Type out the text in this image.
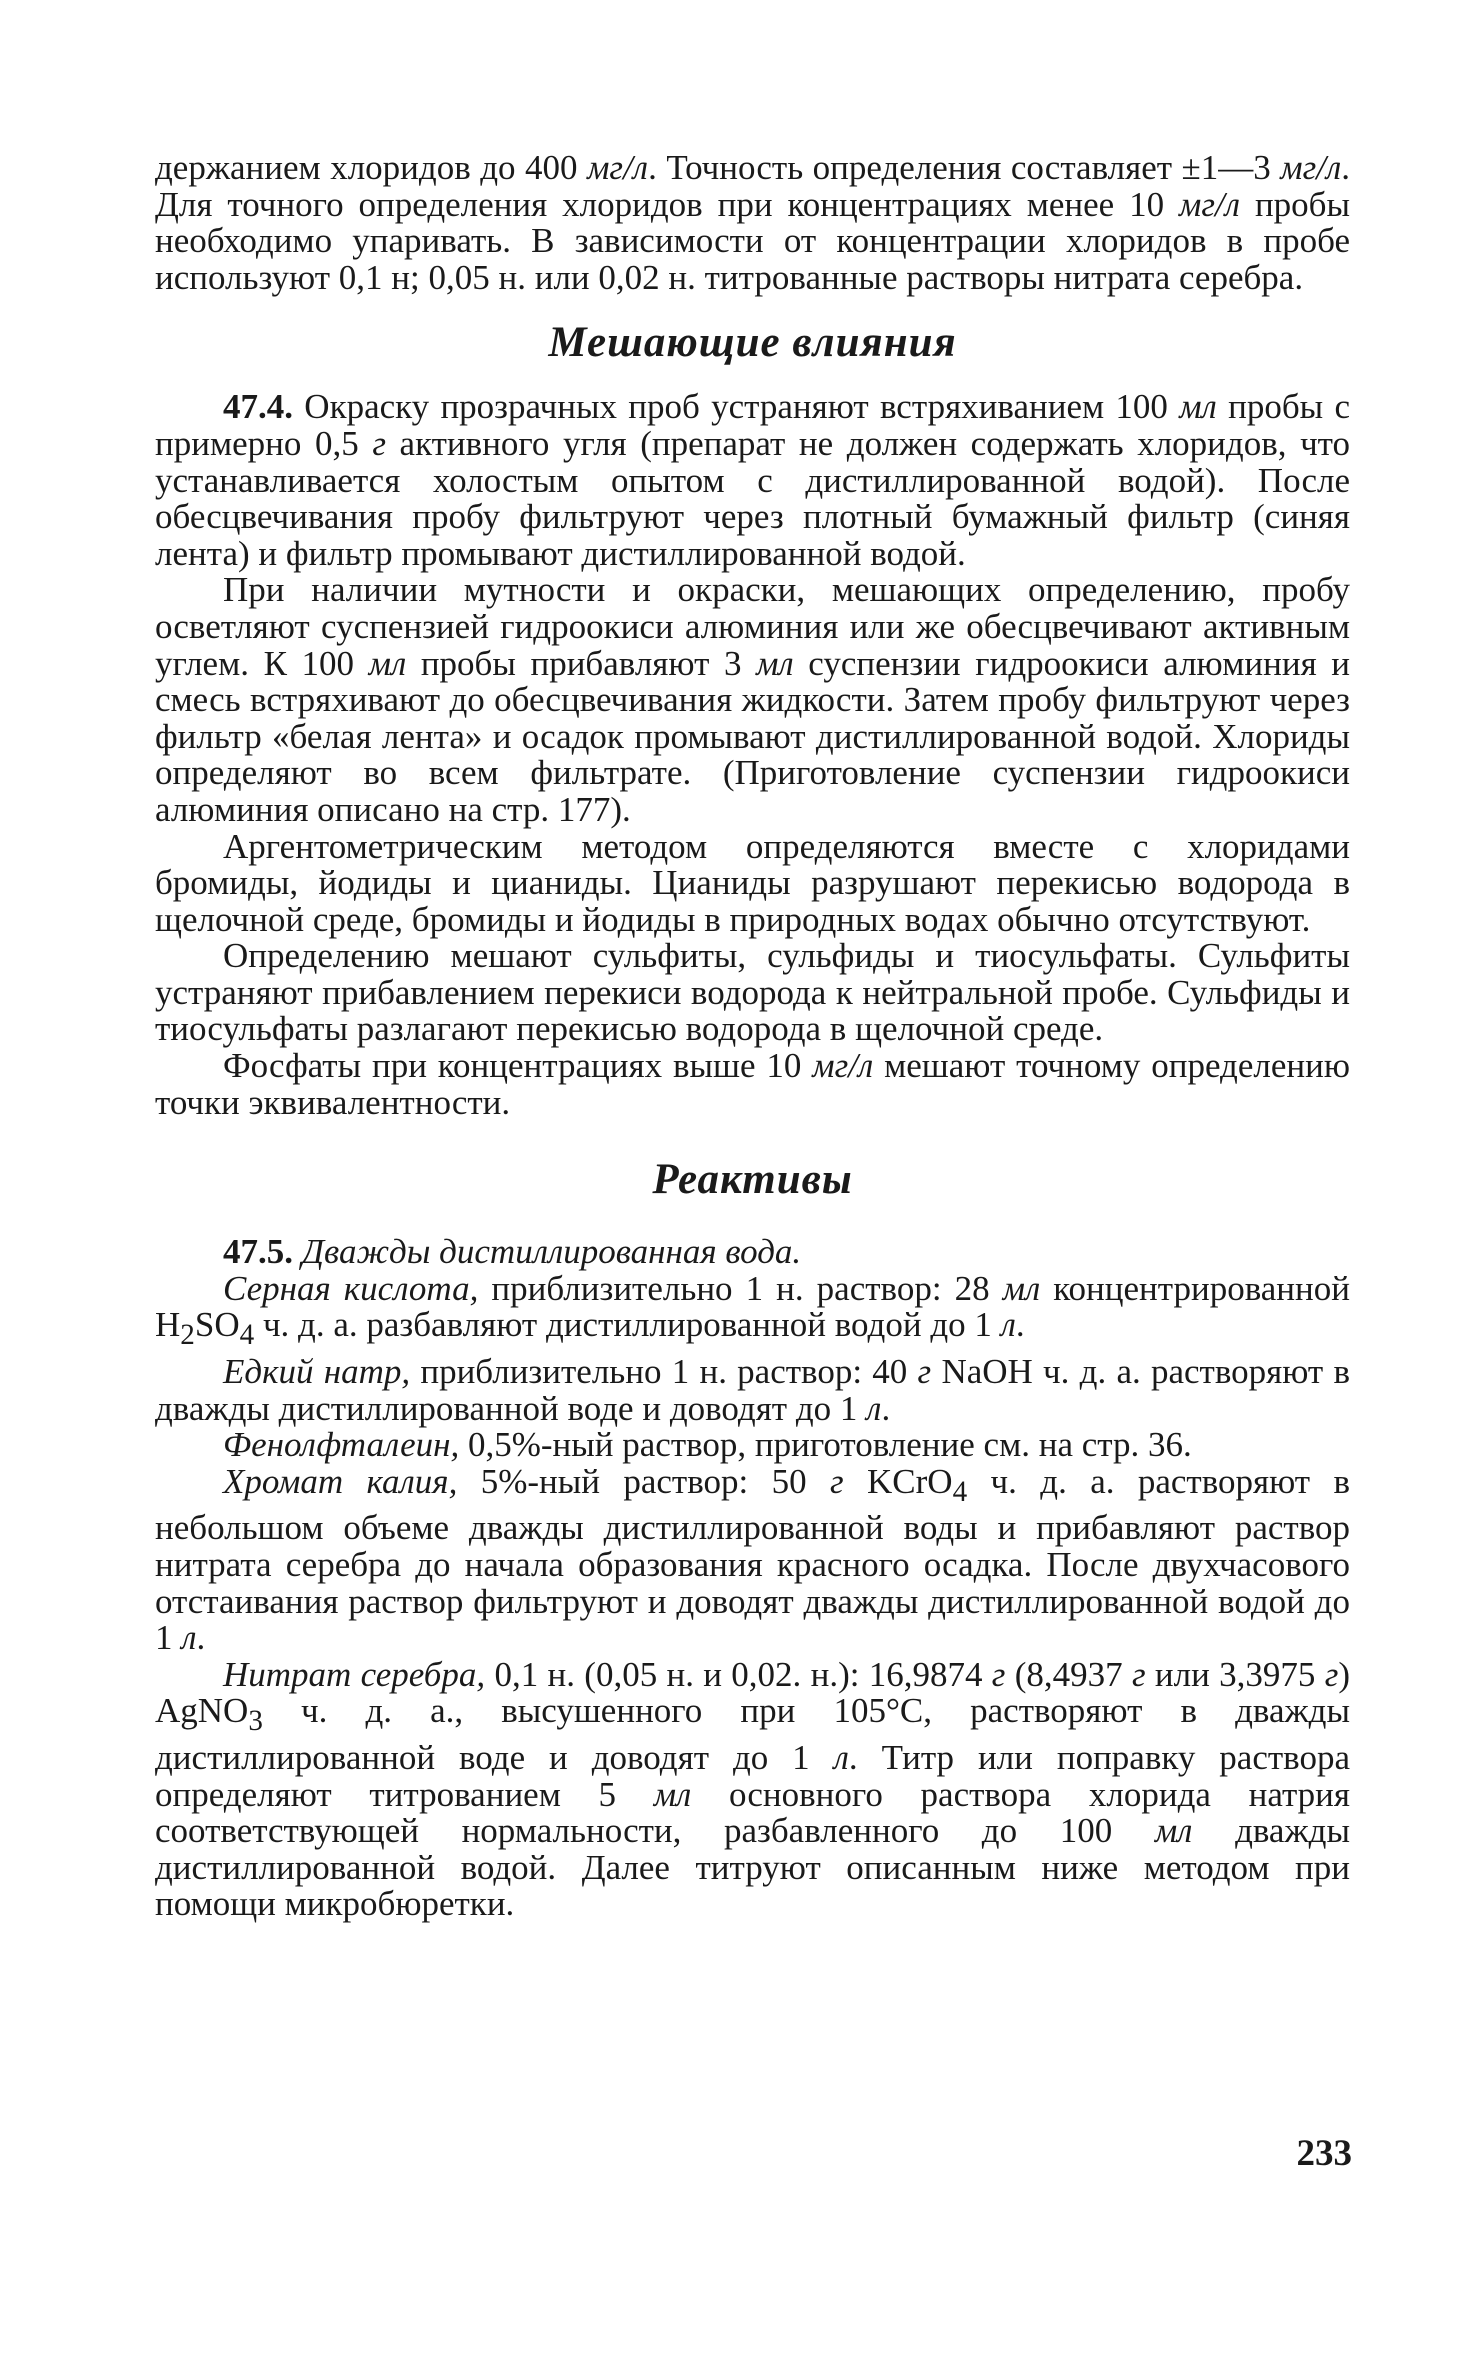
держанием хлоридов до 400 мг/л. Точность определения составляет ±1—3 мг/л. Для точного определения хлоридов при концентрациях менее 10 мг/л пробы необходимо упаривать. В зависимости от концентрации хлоридов в пробе используют 0,1 н; 0,05 н. или 0,02 н. титрованные растворы нитрата серебра.

Мешающие влияния

47.4. Окраску прозрачных проб устраняют встряхиванием 100 мл пробы с примерно 0,5 г активного угля (препарат не должен содержать хлоридов, что устанавливается холостым опытом с дистиллированной водой). После обесцвечивания пробу фильтруют через плотный бумажный фильтр (синяя лента) и фильтр промывают дистиллированной водой.

При наличии мутности и окраски, мешающих определению, пробу осветляют суспензией гидроокиси алюминия или же обесцвечивают активным углем. К 100 мл пробы прибавляют 3 мл суспензии гидроокиси алюминия и смесь встряхивают до обесцвечивания жидкости. Затем пробу фильтруют через фильтр «белая лента» и осадок промывают дистиллированной водой. Хлориды определяют во всем фильтрате. (Приготовление суспензии гидроокиси алюминия описано на стр. 177).

Аргентометрическим методом определяются вместе с хлоридами бромиды, йодиды и цианиды. Цианиды разрушают перекисью водорода в щелочной среде, бромиды и йодиды в природных водах обычно отсутствуют.

Определению мешают сульфиты, сульфиды и тиосульфаты. Сульфиты устраняют прибавлением перекиси водорода к нейтральной пробе. Сульфиды и тиосульфаты разлагают перекисью водорода в щелочной среде.

Фосфаты при концентрациях выше 10 мг/л мешают точному определению точки эквивалентности.

Реактивы

47.5. Дважды дистиллированная вода.

Серная кислота, приблизительно 1 н. раствор: 28 мл концентрированной $H_2SO_4$ ч. д. а. разбавляют дистиллированной водой до 1 л.

Едкий натр, приблизительно 1 н. раствор: 40 г NaOH ч. д. а. растворяют в дважды дистиллированной воде и доводят до 1 л.

Фенолфталеин, 0,5%-ный раствор, приготовление см. на стр. 36.

Хромат калия, 5%-ный раствор: 50 г KCrO$_4$ ч. д. а. растворяют в небольшом объеме дважды дистиллированной воды и прибавляют раствор нитрата серебра до начала образования красного осадка. После двухчасового отстаивания раствор фильтруют и доводят дважды дистиллированной водой до 1 л.

Нитрат серебра, 0,1 н. (0,05 н. и 0,02. н.): 16,9874 г (8,4937 г или 3,3975 г) AgNO$_3$ ч. д. а., высушенного при 105°C, растворяют в дважды дистиллированной воде и доводят до 1 л. Титр или поправку раствора определяют титрованием 5 мл основного раствора хлорида натрия соответствующей нормальности, разбавленного до 100 мл дважды дистиллированной водой. Далее титруют описанным ниже методом при помощи микробюретки.

233
